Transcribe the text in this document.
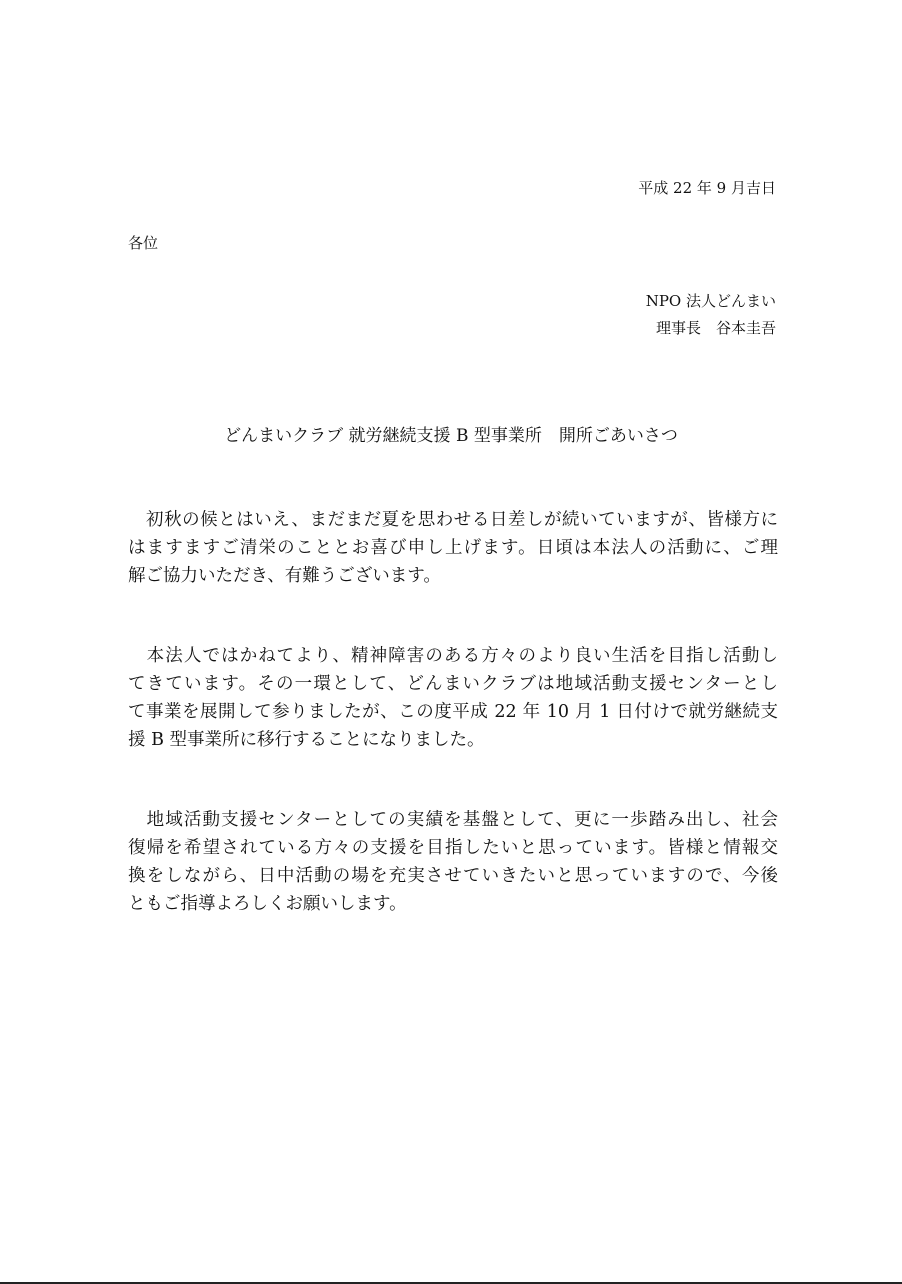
平成 22 年 9 月吉日
各位
NPO 法人どんまい
理事長　谷本圭吾
どんまいクラブ 就労継続支援 B 型事業所　開所ごあいさつ
　初秋の候とはいえ、まだまだ夏を思わせる日差しが続いていますが、皆様方に
はますますご清栄のこととお喜び申し上げます。日頃は本法人の活動に、ご理
解ご協力いただき、有難うございます。
　本法人ではかねてより、精神障害のある方々のより良い生活を目指し活動し
てきています。その一環として、どんまいクラブは地域活動支援センターとし
て事業を展開して参りましたが、この度平成 22 年 10 月 1 日付けで就労継続支
援 B 型事業所に移行することになりました。
　地域活動支援センターとしての実績を基盤として、更に一歩踏み出し、社会
復帰を希望されている方々の支援を目指したいと思っています。皆様と情報交
換をしながら、日中活動の場を充実させていきたいと思っていますので、今後
ともご指導よろしくお願いします。
